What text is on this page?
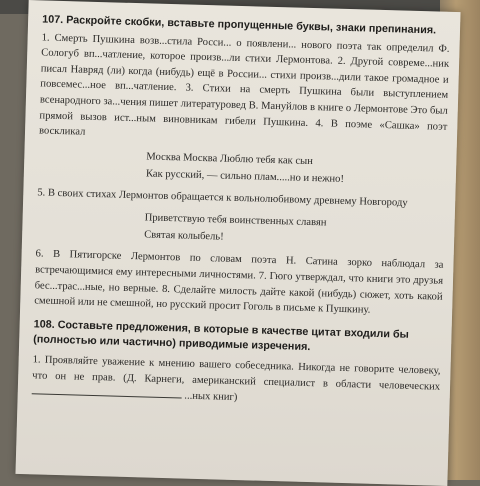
107. Раскройте скобки, вставьте пропущенные буквы, знаки препинания.

1. Смерть Пушкина возв...стила Росси... о появлени... нового поэта так определил Ф. Сологуб вп...чатление, которое произв...ли стихи Лермонтова. 2. Другой совреме...ник писал Навряд (ли) когда (нибудь) ещё в России... стихи произв...дили такое громадное и повсемес...ное вп...чатление. 3. Стихи на смерть Пушкина были выступлением всенародного за...чения пишет литературовед В. Мануйлов в книге о Лермонтове Это был прямой вызов ист...ным виновникам гибели Пушкина. 4. В поэме «Сашка» поэт воскликал

Москва Москва Люблю тебя как сын
Как русский, — сильно плам.....но и нежно!

5. В своих стихах Лермонтов обращается к вольнолюбивому древнему Новгороду

Приветствую тебя воинственных славян
Святая колыбель!

6. В Пятигорске Лермонтов по словам поэта Н. Сатина зорко наблюдал за встречающимися ему интересными личностями. 7. Гюго утверждал, что книги это друзья бес...трас...ные, но верные. 8. Сделайте милость дайте какой (нибудь) сюжет, хоть какой смешной или не смешной, но русский просит Гоголь в письме к Пушкину.

108. Составьте предложения, в которые в качестве цитат входили бы (полностью или частично) приводимые изречения.

1. Проявляйте уважение к мнению вашего собеседника. Никогда не говорите человеку, что он не прав. (Д. Карнеги, американский специалист в области человеческих  ...ных книг)
